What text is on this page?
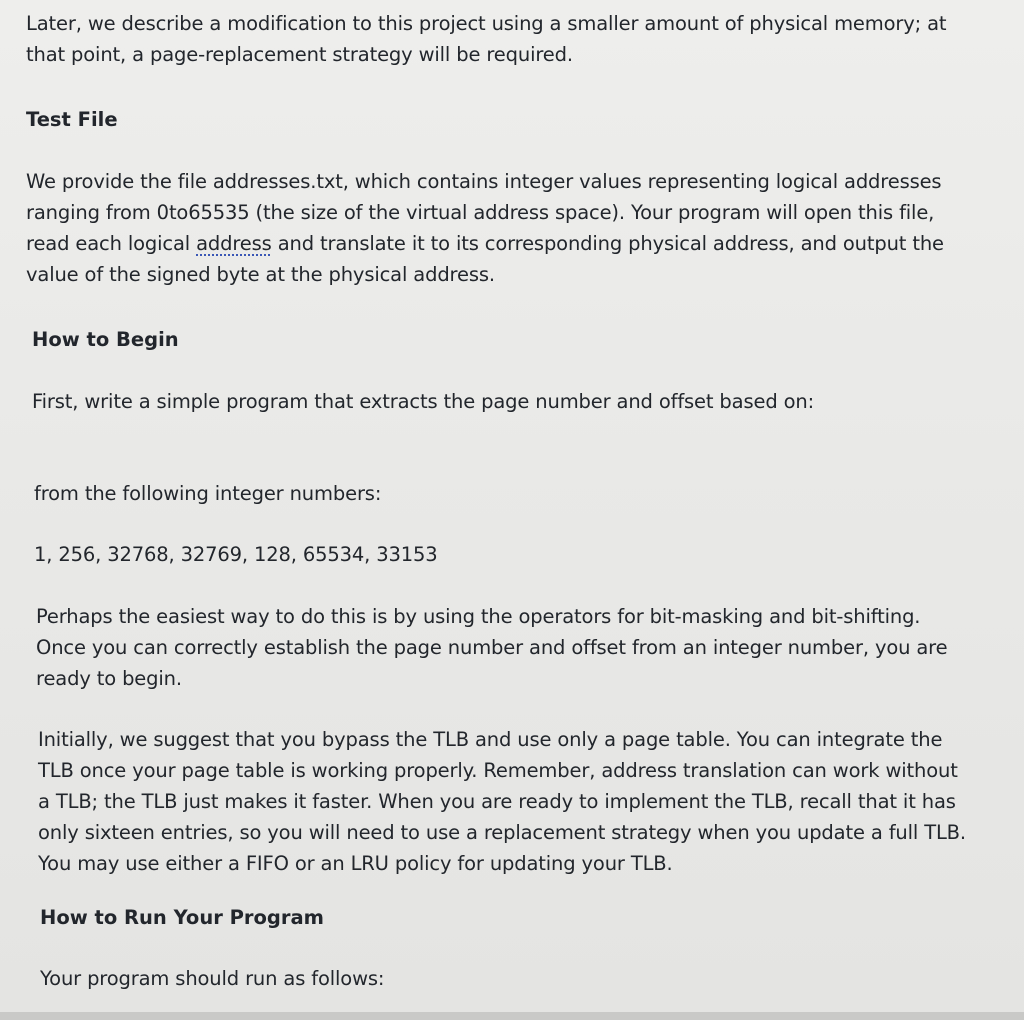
Later, we describe a modification to this project using a smaller amount of physical memory; at

that point, a page-replacement strategy will be required.

Test File

We provide the file addresses.txt, which contains integer values representing logical addresses

ranging from 0to65535 (the size of the virtual address space). Your program will open this file,

read each logical address and translate it to its corresponding physical address, and output the

value of the signed byte at the physical address.

How to Begin

First, write a simple program that extracts the page number and offset based on:

from the following integer numbers:

1, 256, 32768, 32769, 128, 65534, 33153

Perhaps the easiest way to do this is by using the operators for bit-masking and bit-shifting.

Once you can correctly establish the page number and offset from an integer number, you are

ready to begin.

Initially, we suggest that you bypass the TLB and use only a page table. You can integrate the

TLB once your page table is working properly. Remember, address translation can work without

a TLB; the TLB just makes it faster. When you are ready to implement the TLB, recall that it has

only sixteen entries, so you will need to use a replacement strategy when you update a full TLB.

You may use either a FIFO or an LRU policy for updating your TLB.

How to Run Your Program

Your program should run as follows:
